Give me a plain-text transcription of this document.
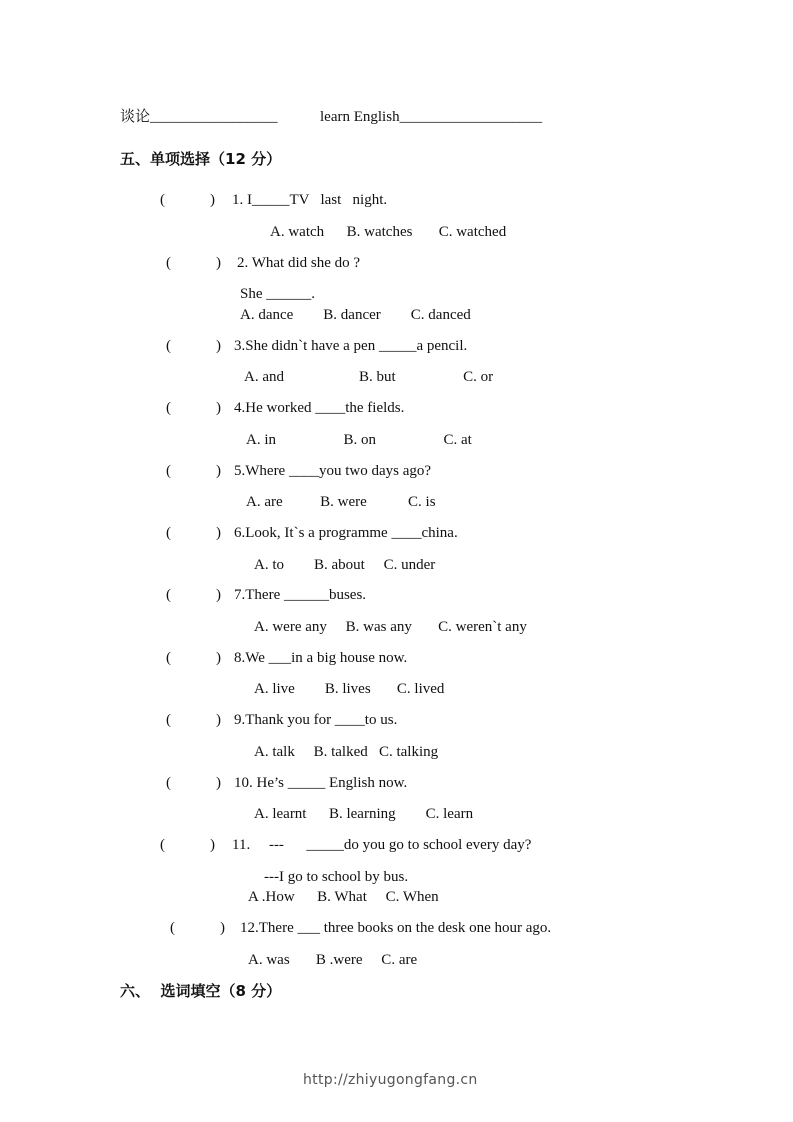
谈论_________________	learn English___________________
五、单项选择（12 分）
(            ) 1. I_____TV   last   night.
A. watch      B. watches       C. watched
(            ) 2. What did she do ?
She ______.
A. dance        B. dancer        C. danced
(            ) 3.She didn`t have a pen _____a pencil.
A. and                    B. but                  C. or
(            ) 4.He worked ____the fields.
A. in                  B. on                  C. at
(            ) 5.Where ____you two days ago?
A. are          B. were           C. is
(            ) 6.Look, It`s a programme ____china.
A. to        B. about     C. under
(            ) 7.There ______buses.
A. were any     B. was any       C. weren`t any
(            ) 8.We ___in a big house now.
A. live        B. lives       C. lived
(            ) 9.Thank you for ____to us.
A. talk     B. talked   C. talking
(            ) 10. He’s _____ English now.
A. learnt      B. learning        C. learn
(            ) 11.     ---      _____do you go to school every day?
---I go to school by bus.
A .How      B. What     C. When
(            ) 12.There ___ three books on the desk one hour ago.
A. was       B .were     C. are
六、  选词填空（8 分）
http://zhiyugongfang.cn
